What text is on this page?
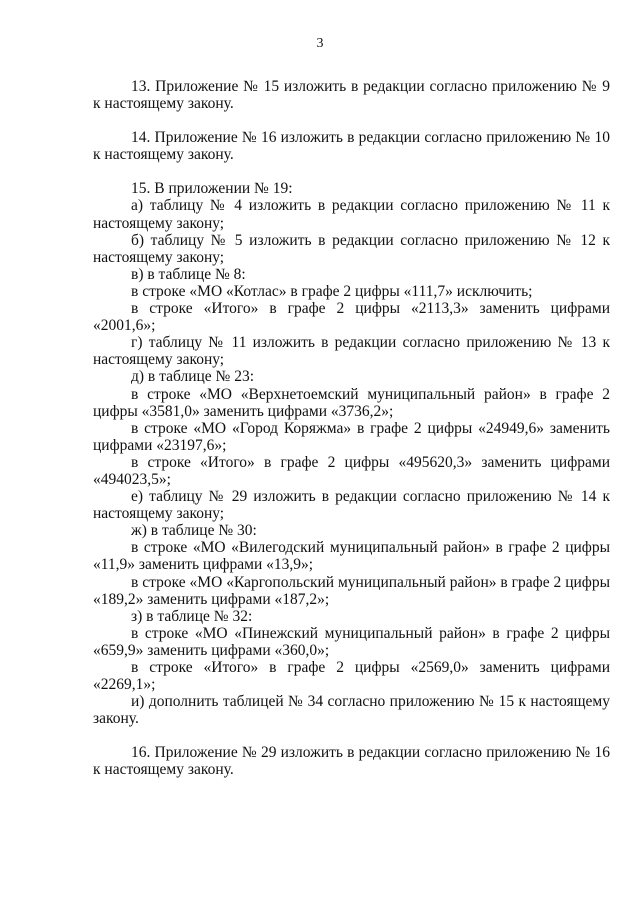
3

13. Приложение № 15 изложить в редакции согласно приложению № 9 к настоящему закону.

14. Приложение № 16 изложить в редакции согласно приложению № 10 к настоящему закону.

15. В приложении № 19:

а) таблицу № 4 изложить в редакции согласно приложению № 11 к настоящему закону;

б) таблицу № 5 изложить в редакции согласно приложению № 12 к настоящему закону;

в) в таблице № 8:

в строке «МО «Котлас» в графе 2 цифры «111,7» исключить;

в строке «Итого» в графе 2 цифры «2113,3» заменить цифрами «2001,6»;

г) таблицу № 11 изложить в редакции согласно приложению № 13 к настоящему закону;

д) в таблице № 23:

в строке «МО «Верхнетоемский муниципальный район» в графе 2 цифры «3581,0» заменить цифрами «3736,2»;

в строке «МО «Город Коряжма» в графе 2 цифры «24949,6» заменить цифрами «23197,6»;

в строке «Итого» в графе 2 цифры «495620,3» заменить цифрами «494023,5»;

е) таблицу № 29 изложить в редакции согласно приложению № 14 к настоящему закону;

ж) в таблице № 30:

в строке «МО «Вилегодский муниципальный район» в графе 2 цифры «11,9» заменить цифрами «13,9»;

в строке «МО «Каргопольский муниципальный район» в графе 2 цифры «189,2» заменить цифрами «187,2»;

з) в таблице № 32:

в строке «МО «Пинежский муниципальный район» в графе 2 цифры «659,9» заменить цифрами «360,0»;

в строке «Итого» в графе 2 цифры «2569,0» заменить цифрами «2269,1»;

и) дополнить таблицей № 34 согласно приложению № 15 к настоящему закону.

16. Приложение № 29 изложить в редакции согласно приложению № 16 к настоящему закону.
